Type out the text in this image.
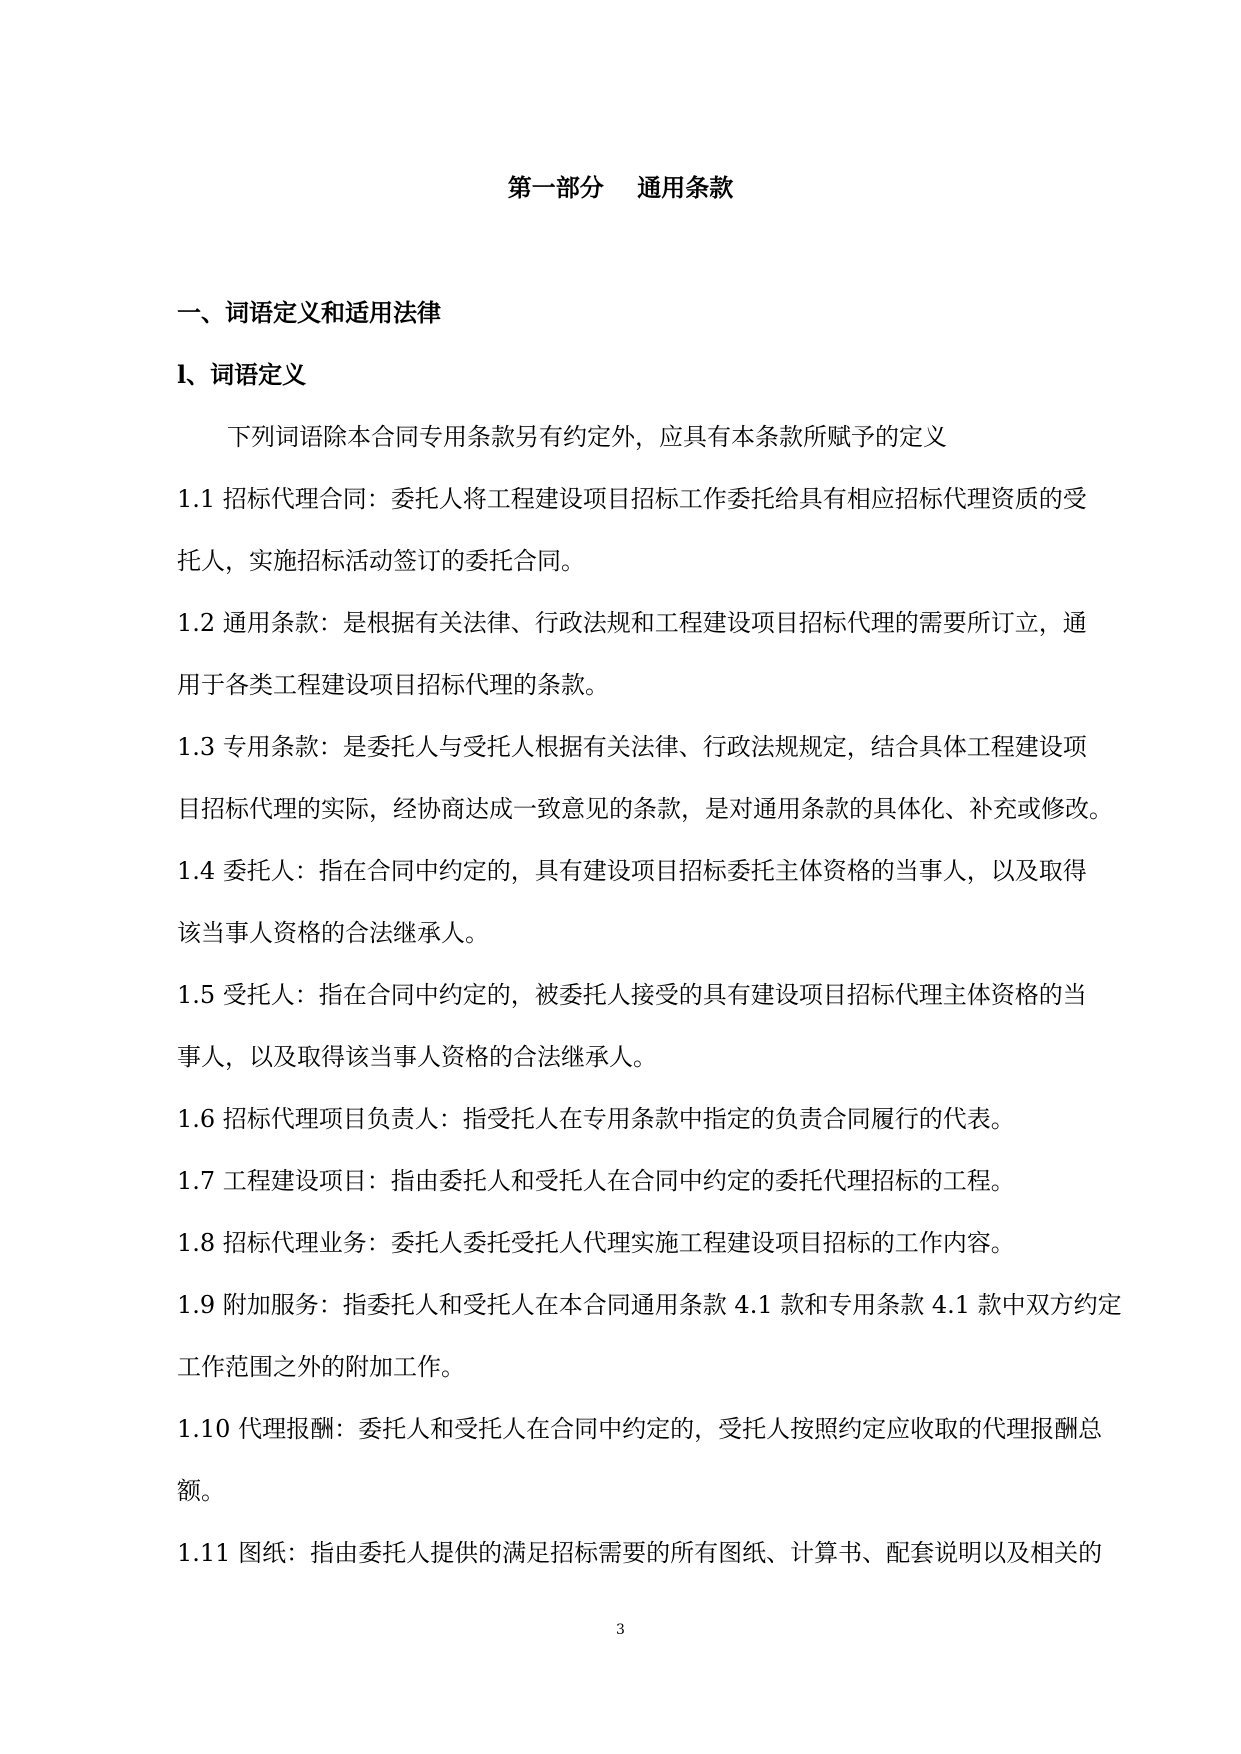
第一部分    通用条款
一、词语定义和适用法律
l、词语定义
下列词语除本合同专用条款另有约定外，应具有本条款所赋予的定义
1.1 招标代理合同：委托人将工程建设项目招标工作委托给具有相应招标代理资质的受
托人，实施招标活动签订的委托合同。
1.2 通用条款：是根据有关法律、行政法规和工程建设项目招标代理的需要所订立，通
用于各类工程建设项目招标代理的条款。
1.3 专用条款：是委托人与受托人根据有关法律、行政法规规定，结合具体工程建设项
目招标代理的实际，经协商达成一致意见的条款，是对通用条款的具体化、补充或修改。
1.4 委托人：指在合同中约定的，具有建设项目招标委托主体资格的当事人，以及取得
该当事人资格的合法继承人。
1.5 受托人：指在合同中约定的，被委托人接受的具有建设项目招标代理主体资格的当
事人，以及取得该当事人资格的合法继承人。
1.6 招标代理项目负责人：指受托人在专用条款中指定的负责合同履行的代表。
1.7 工程建设项目：指由委托人和受托人在合同中约定的委托代理招标的工程。
1.8 招标代理业务：委托人委托受托人代理实施工程建设项目招标的工作内容。
1.9 附加服务：指委托人和受托人在本合同通用条款 4.1 款和专用条款 4.1 款中双方约定
工作范围之外的附加工作。
1.10 代理报酬：委托人和受托人在合同中约定的，受托人按照约定应收取的代理报酬总
额。
1.11 图纸：指由委托人提供的满足招标需要的所有图纸、计算书、配套说明以及相关的
3
